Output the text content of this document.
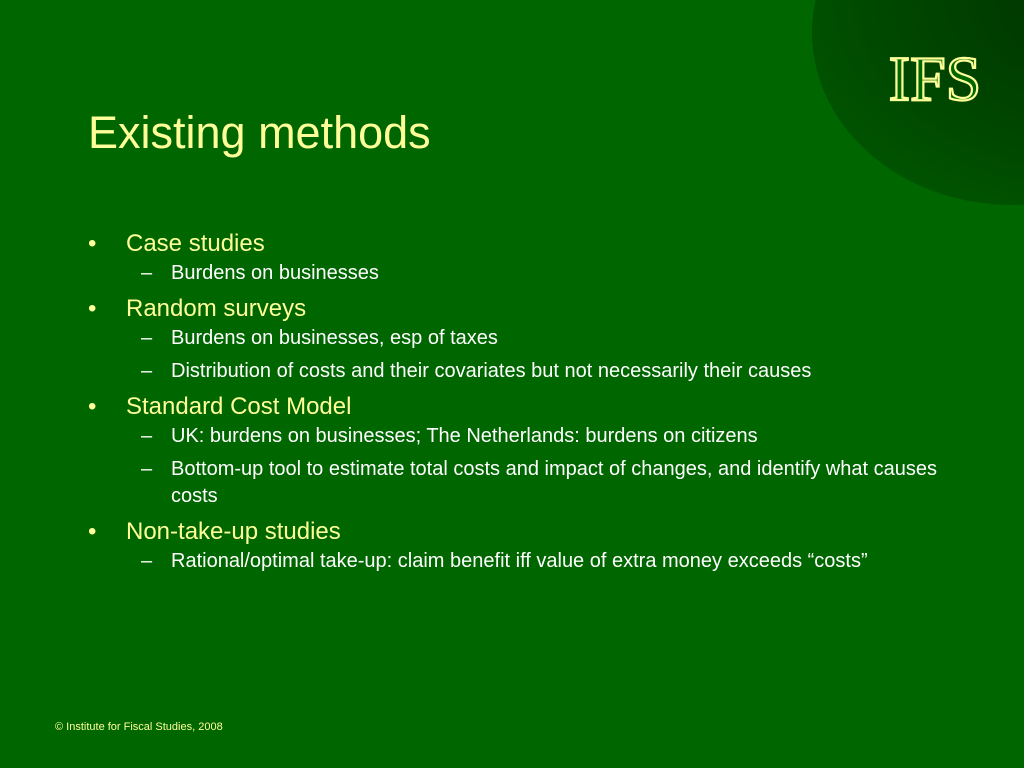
IFS
Existing methods
• Case studies
– Burdens on businesses
• Random surveys
– Burdens on businesses, esp of taxes
– Distribution of costs and their covariates but not necessarily their causes
• Standard Cost Model
– UK: burdens on businesses; The Netherlands: burdens on citizens
– Bottom-up tool to estimate total costs and impact of changes, and identify what causes costs
• Non-take-up studies
– Rational/optimal take-up: claim benefit iff value of extra money exceeds “costs”
© Institute for Fiscal Studies, 2008
